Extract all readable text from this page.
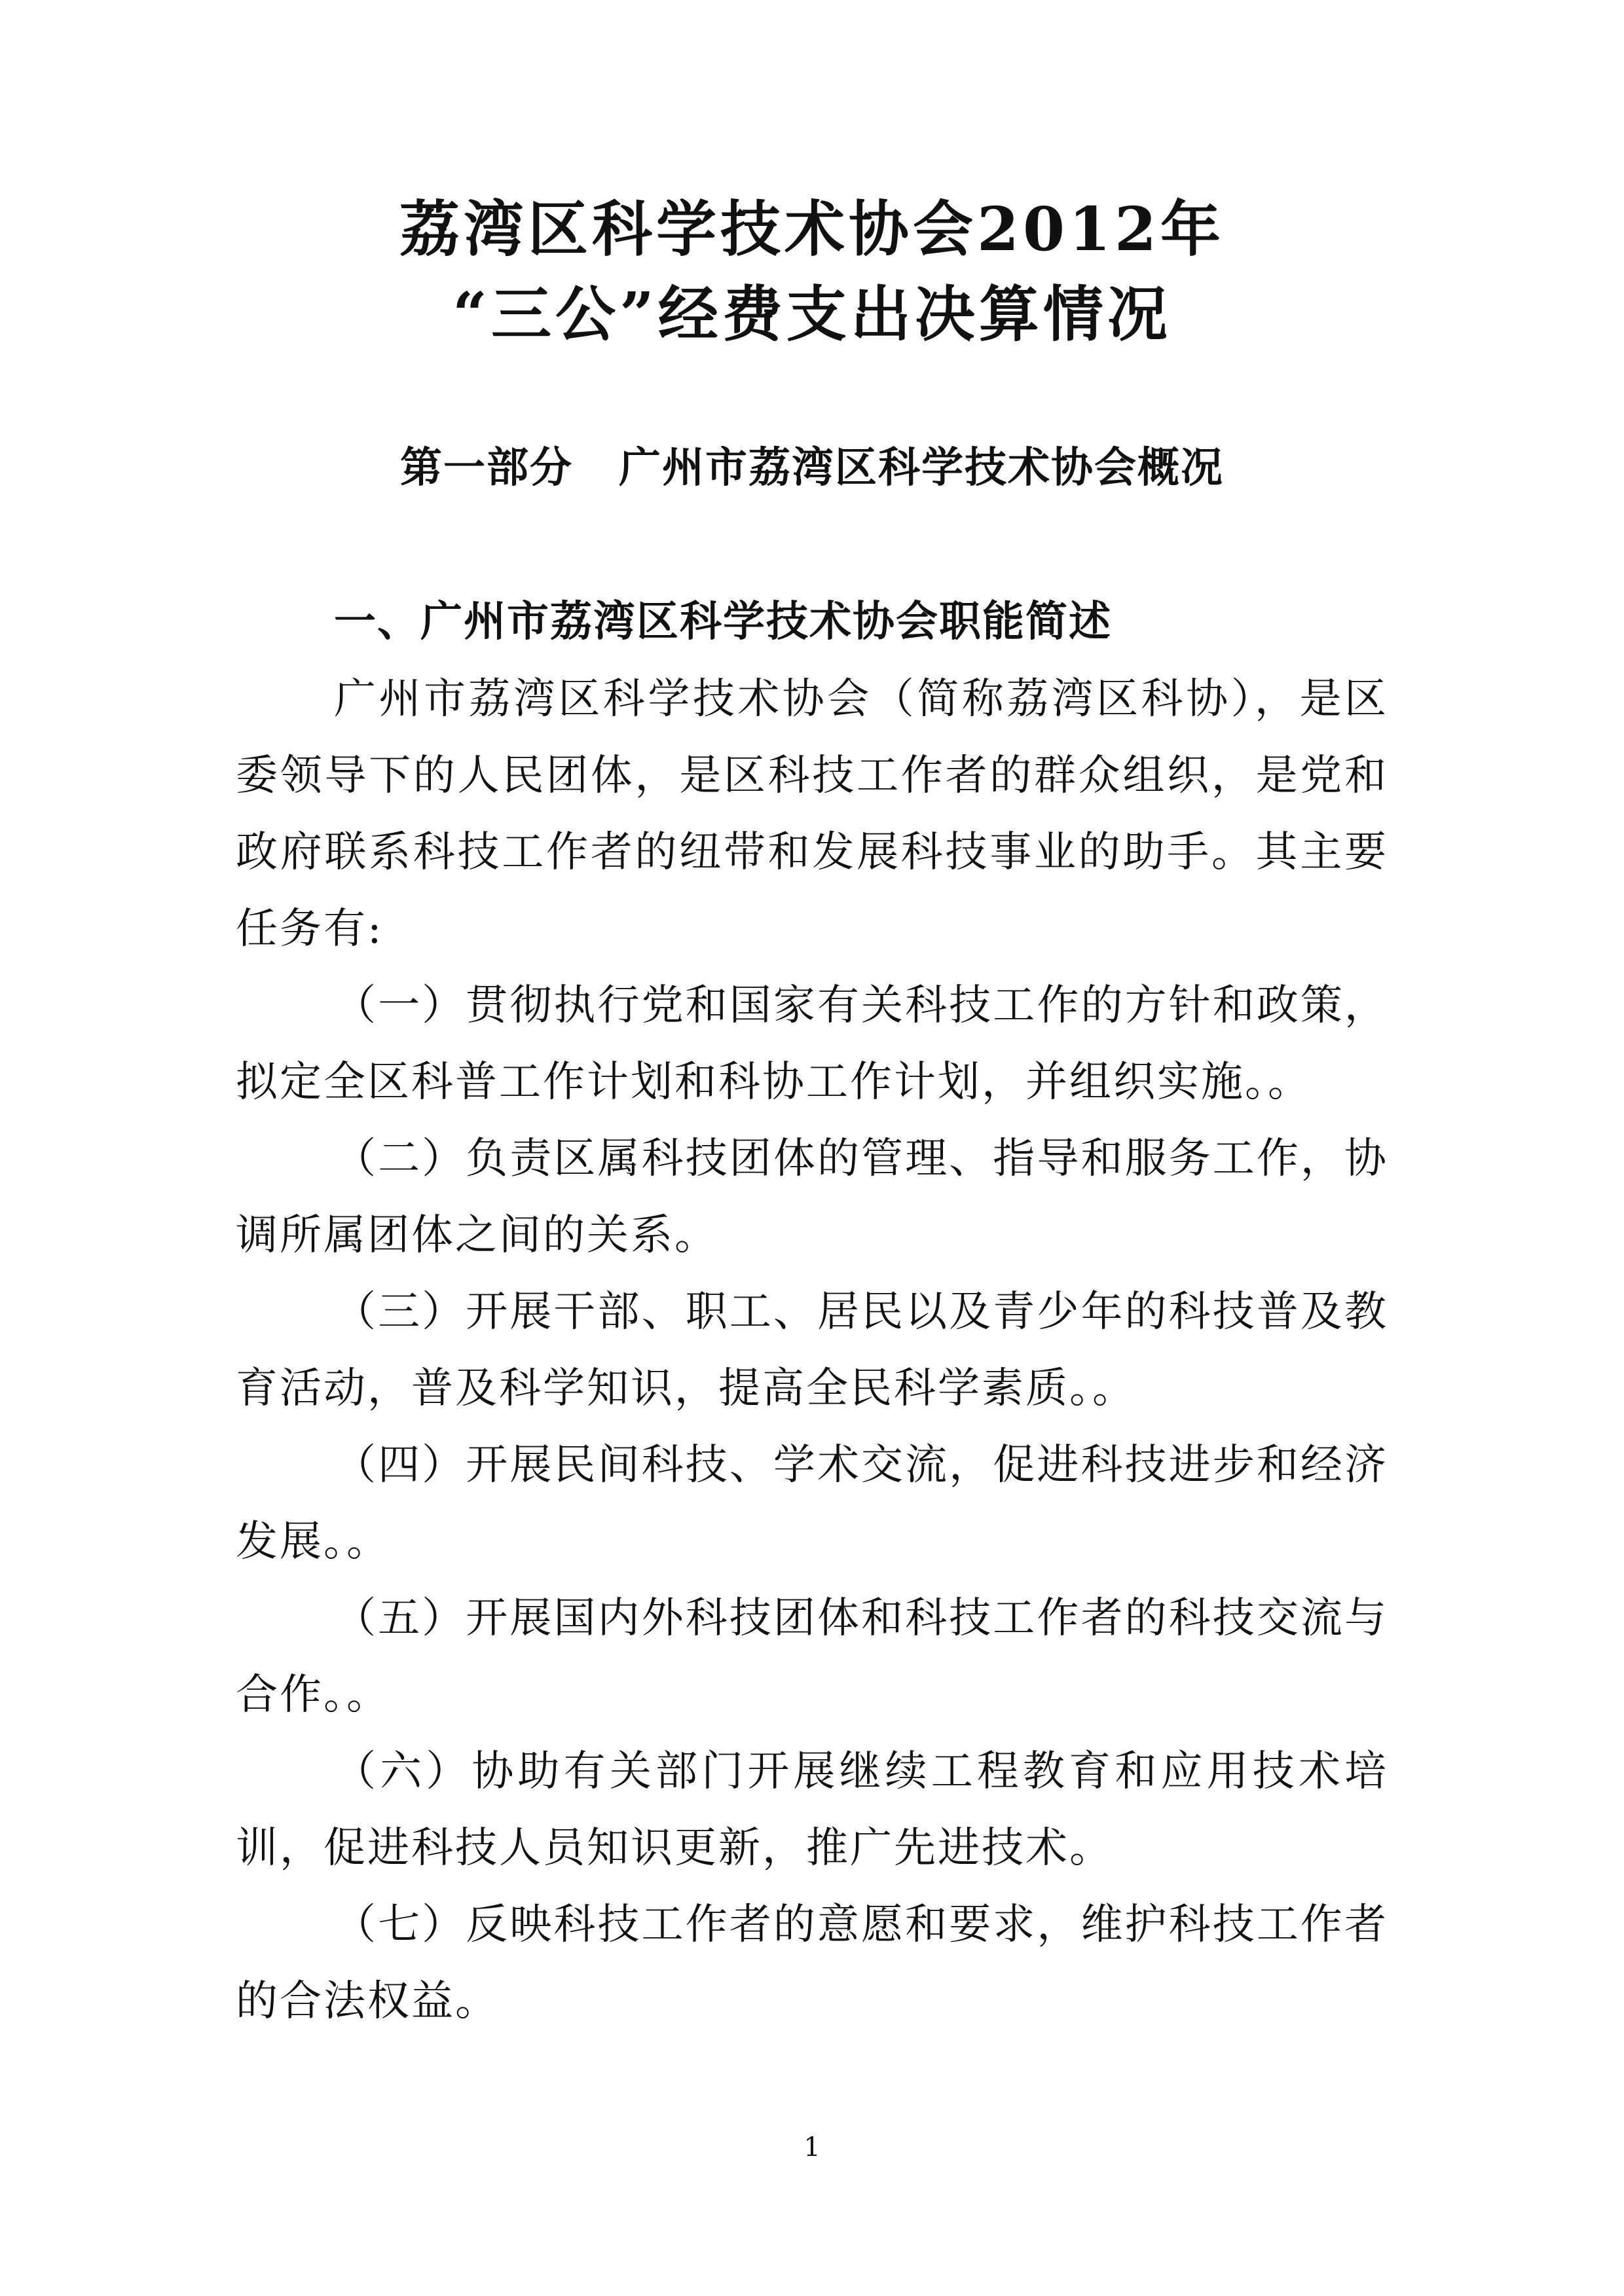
荔湾区科学技术协会2012年
“三公”经费支出决算情况
第一部分 广州市荔湾区科学技术协会概况
一、广州市荔湾区科学技术协会职能简述

广州市荔湾区科学技术协会（简称荔湾区科协），是区委领导下的人民团体，是区科技工作者的群众组织，是党和政府联系科技工作者的纽带和发展科技事业的助手。其主要任务有:

（一）贯彻执行党和国家有关科技工作的方针和政策，拟定全区科普工作计划和科协工作计划，并组织实施。。

（二）负责区属科技团体的管理、指导和服务工作，协调所属团体之间的关系。

（三）开展干部、职工、居民以及青少年的科技普及教育活动，普及科学知识，提高全民科学素质。。

（四）开展民间科技、学术交流，促进科技进步和经济发展。。

（五）开展国内外科技团体和科技工作者的科技交流与合作。。

（六）协助有关部门开展继续工程教育和应用技术培训，促进科技人员知识更新，推广先进技术。

（七）反映科技工作者的意愿和要求，维护科技工作者的合法权益。

1
